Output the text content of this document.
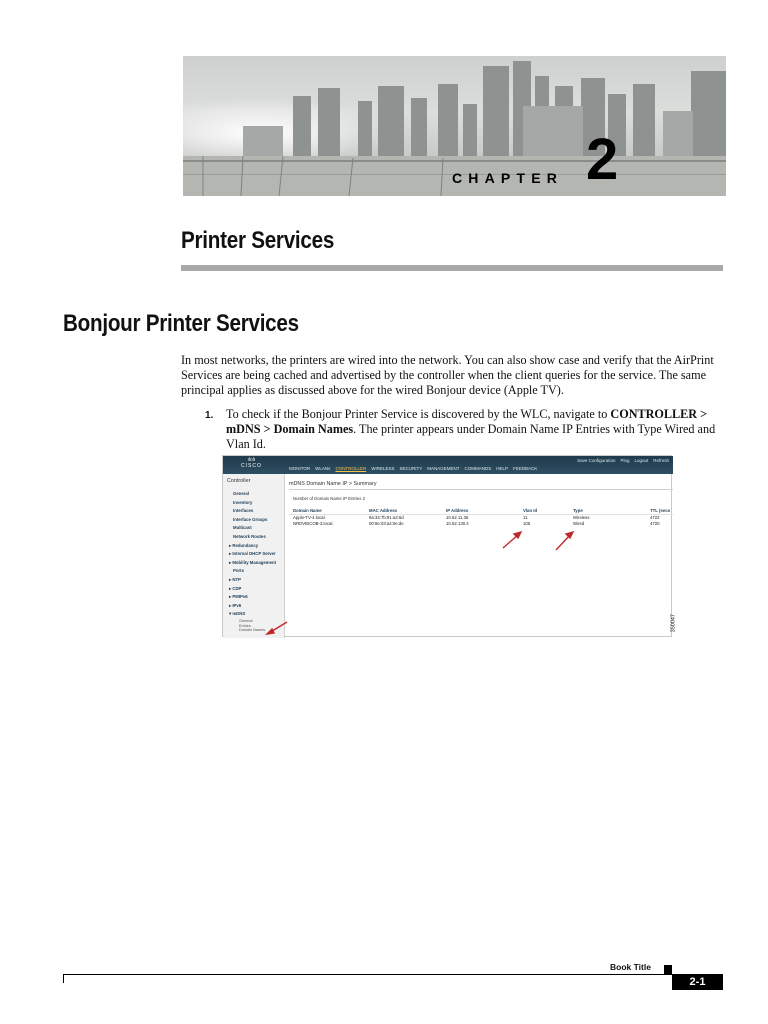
CHAPTER 2
Printer Services
Bonjour Printer Services

In most networks, the printers are wired into the network. You can also show case and verify that the AirPrint Services are being cached and advertised by the controller when the client queries for the service. The same principal applies as discussed above for the wired Bonjour device (Apple TV).

1. To check if the Bonjour Printer Service is discovered by the WLC, navigate to CONTROLLER > mDNS > Domain Names. The printer appears under Domain Name IP Entries with Type Wired and Vlan Id.
ılıılı
CISCO
Save Configuration Ping Logout Refresh
MONITOR WLANs CONTROLLER WIRELESS SECURITY MANAGEMENT COMMANDS HELP FEEDBACK
Controller
General
Inventory
Interfaces
Interface Groups
Multicast
Network Routes
▸ Redundancy
▸ Internal DHCP Server
▸ Mobility Management
Ports
▸ NTP
▸ CDP
▸ PMIPv6
▸ IPv6
▾ mDNS
General
Entries
Domain Names
mDNS Domain Name IP > Summary
Number of Domain Name IP Entries 2
Domain Name	MAC Address	IP Address	Vlan Id	Type	TTL (seco
Apple-TV-4.local.	9a:34:7b:91:a3:6d	10.62.11.36	11	Wireless	4722
NRDVBICOB-3.local.	00:8e:03:a4:0e:de	10.62.130.4	105	Wired	4720
350047
Book Title
2-1
